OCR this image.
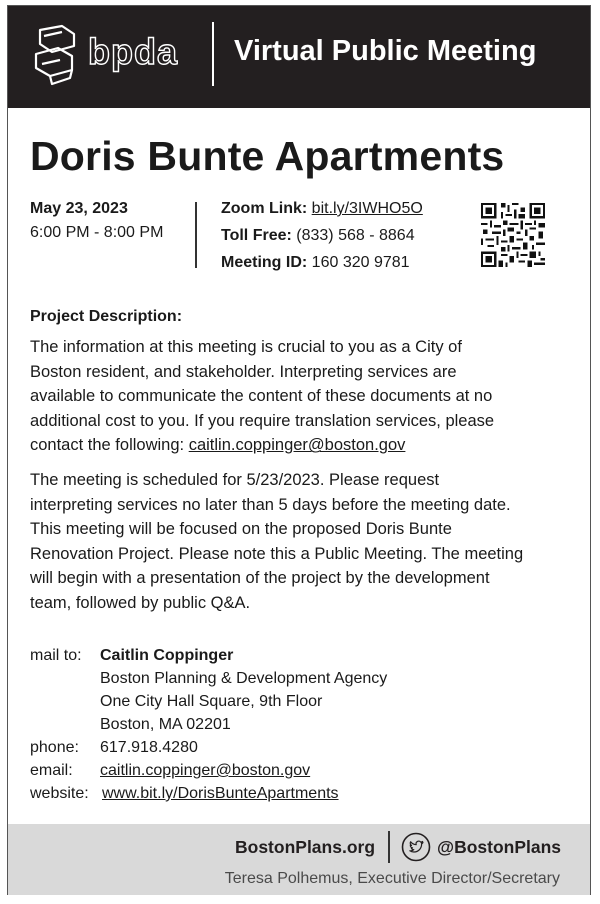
bpda Virtual Public Meeting
Doris Bunte Apartments
May 23, 2023
6:00 PM - 8:00 PM
Zoom Link: bit.ly/3IWHO5O
Toll Free: (833) 568 - 8864
Meeting ID: 160 320 9781
Project Description:
The information at this meeting is crucial to you as a City of
Boston resident, and stakeholder. Interpreting services are
available to communicate the content of these documents at no
additional cost to you. If you require translation services, please
contact the following: caitlin.coppinger@boston.gov
The meeting is scheduled for 5/23/2023. Please request
interpreting services no later than 5 days before the meeting date.
This meeting will be focused on the proposed Doris Bunte
Renovation Project. Please note this a Public Meeting. The meeting
will begin with a presentation of the project by the development
team, followed by public Q&A.
mail to: Caitlin Coppinger
Boston Planning & Development Agency
One City Hall Square, 9th Floor
Boston, MA 02201
phone: 617.918.4280
email: caitlin.coppinger@boston.gov
website: www.bit.ly/DorisBunteApartments
BostonPlans.org	@BostonPlans
Teresa Polhemus, Executive Director/Secretary
